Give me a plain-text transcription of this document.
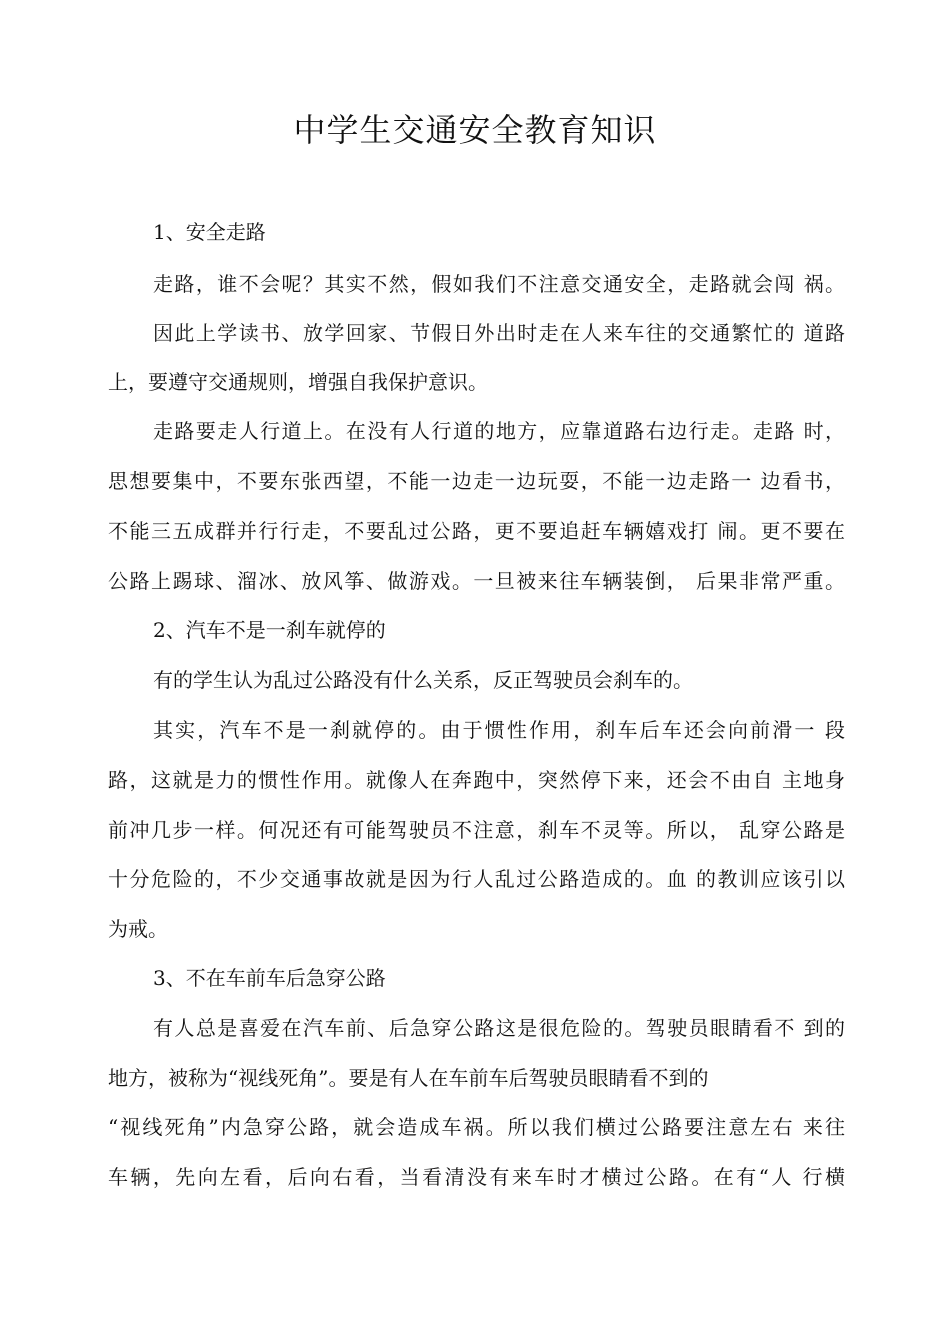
中学生交通安全教育知识
1、安全走路
走路，谁不会呢？其实不然，假如我们不注意交通安全，走路就会闯 祸。
因此上学读书、放学回家、节假日外出时走在人来车往的交通繁忙的 道路
上，要遵守交通规则，增强自我保护意识。
走路要走人行道上。在没有人行道的地方，应靠道路右边行走。走路 时，
思想要集中，不要东张西望，不能一边走一边玩耍，不能一边走路一 边看书，
不能三五成群并行行走，不要乱过公路，更不要追赶车辆嬉戏打 闹。更不要在
公路上踢球、溜冰、放风筝、做游戏。一旦被来往车辆装倒， 后果非常严重。
2、汽车不是一刹车就停的
有的学生认为乱过公路没有什么关系，反正驾驶员会刹车的。
其实，汽车不是一刹就停的。由于惯性作用，刹车后车还会向前滑一 段
路，这就是力的惯性作用。就像人在奔跑中，突然停下来，还会不由自 主地身
前冲几步一样。何况还有可能驾驶员不注意，刹车不灵等。所以， 乱穿公路是
十分危险的，不少交通事故就是因为行人乱过公路造成的。血 的教训应该引以
为戒。
3、不在车前车后急穿公路
有人总是喜爱在汽车前、后急穿公路这是很危险的。驾驶员眼睛看不 到的
地方，被称为“视线死角”。要是有人在车前车后驾驶员眼睛看不到的
“视线死角”内急穿公路，就会造成车祸。所以我们横过公路要注意左右 来往
车辆，先向左看，后向右看，当看清没有来车时才横过公路。在有“人 行横
